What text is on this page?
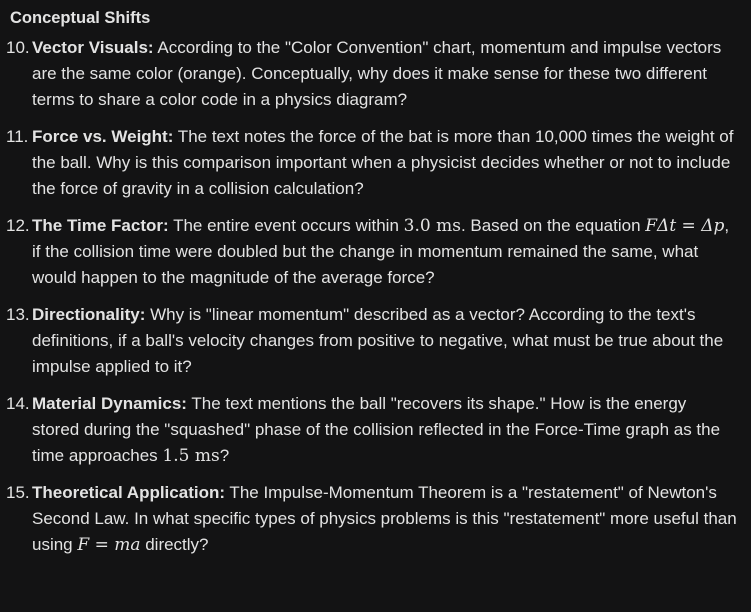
Conceptual Shifts
10. Vector Visuals: According to the "Color Convention" chart, momentum and impulse vectors are the same color (orange). Conceptually, why does it make sense for these two different terms to share a color code in a physics diagram?
11. Force vs. Weight: The text notes the force of the bat is more than 10,000 times the weight of the ball. Why is this comparison important when a physicist decides whether or not to include the force of gravity in a collision calculation?
12. The Time Factor: The entire event occurs within 3.0 ms. Based on the equation FΔt = Δp, if the collision time were doubled but the change in momentum remained the same, what would happen to the magnitude of the average force?
13. Directionality: Why is "linear momentum" described as a vector? According to the text's definitions, if a ball's velocity changes from positive to negative, what must be true about the impulse applied to it?
14. Material Dynamics: The text mentions the ball "recovers its shape." How is the energy stored during the "squashed" phase of the collision reflected in the Force-Time graph as the time approaches 1.5 ms?
15. Theoretical Application: The Impulse-Momentum Theorem is a "restatement" of Newton's Second Law. In what specific types of physics problems is this "restatement" more useful than using F = ma directly?
